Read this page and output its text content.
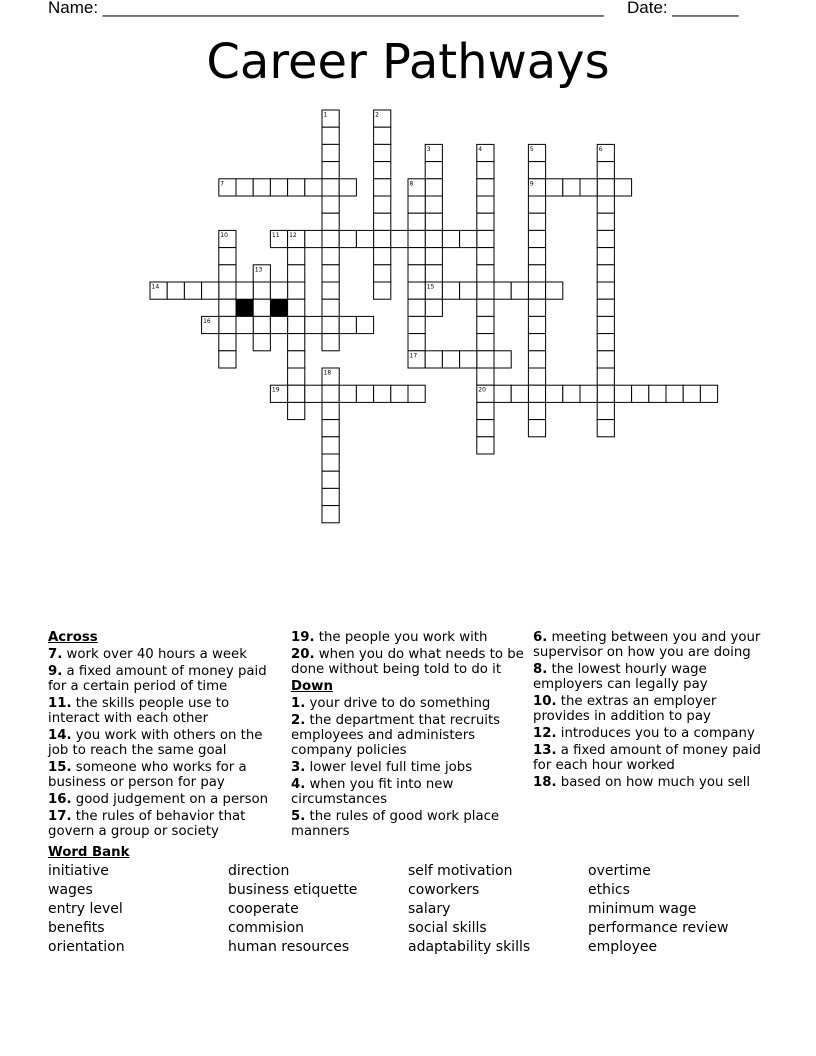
Name: _____________________________________________________ Date: _______
Career Pathways
1	2
3	4	5	6
7	8	9
10	11 12
13
14	15
16
17
18
19	20
Across
7. work over 40 hours a week
9. a fixed amount of money paid for a certain period of time
11. the skills people use to interact with each other
14. you work with others on the job to reach the same goal
15. someone who works for a business or person for pay
16. good judgement on a person
17. the rules of behavior that govern a group or society
19. the people you work with
20. when you do what needs to be done without being told to do it
Down
1. your drive to do something
2. the department that recruits employees and administers company policies
3. lower level full time jobs
4. when you fit into new circumstances
5. the rules of good work place manners
6. meeting between you and your supervisor on how you are doing
8. the lowest hourly wage employers can legally pay
10. the extras an employer provides in addition to pay
12. introduces you to a company
13. a fixed amount of money paid for each hour worked
18. based on how much you sell
Word Bank
initiative	direction	self motivation	overtime
wages	business etiquette	coworkers	ethics
entry level	cooperate	salary	minimum wage
benefits	commision	social skills	performance review
orientation	human resources	adaptability skills	employee
